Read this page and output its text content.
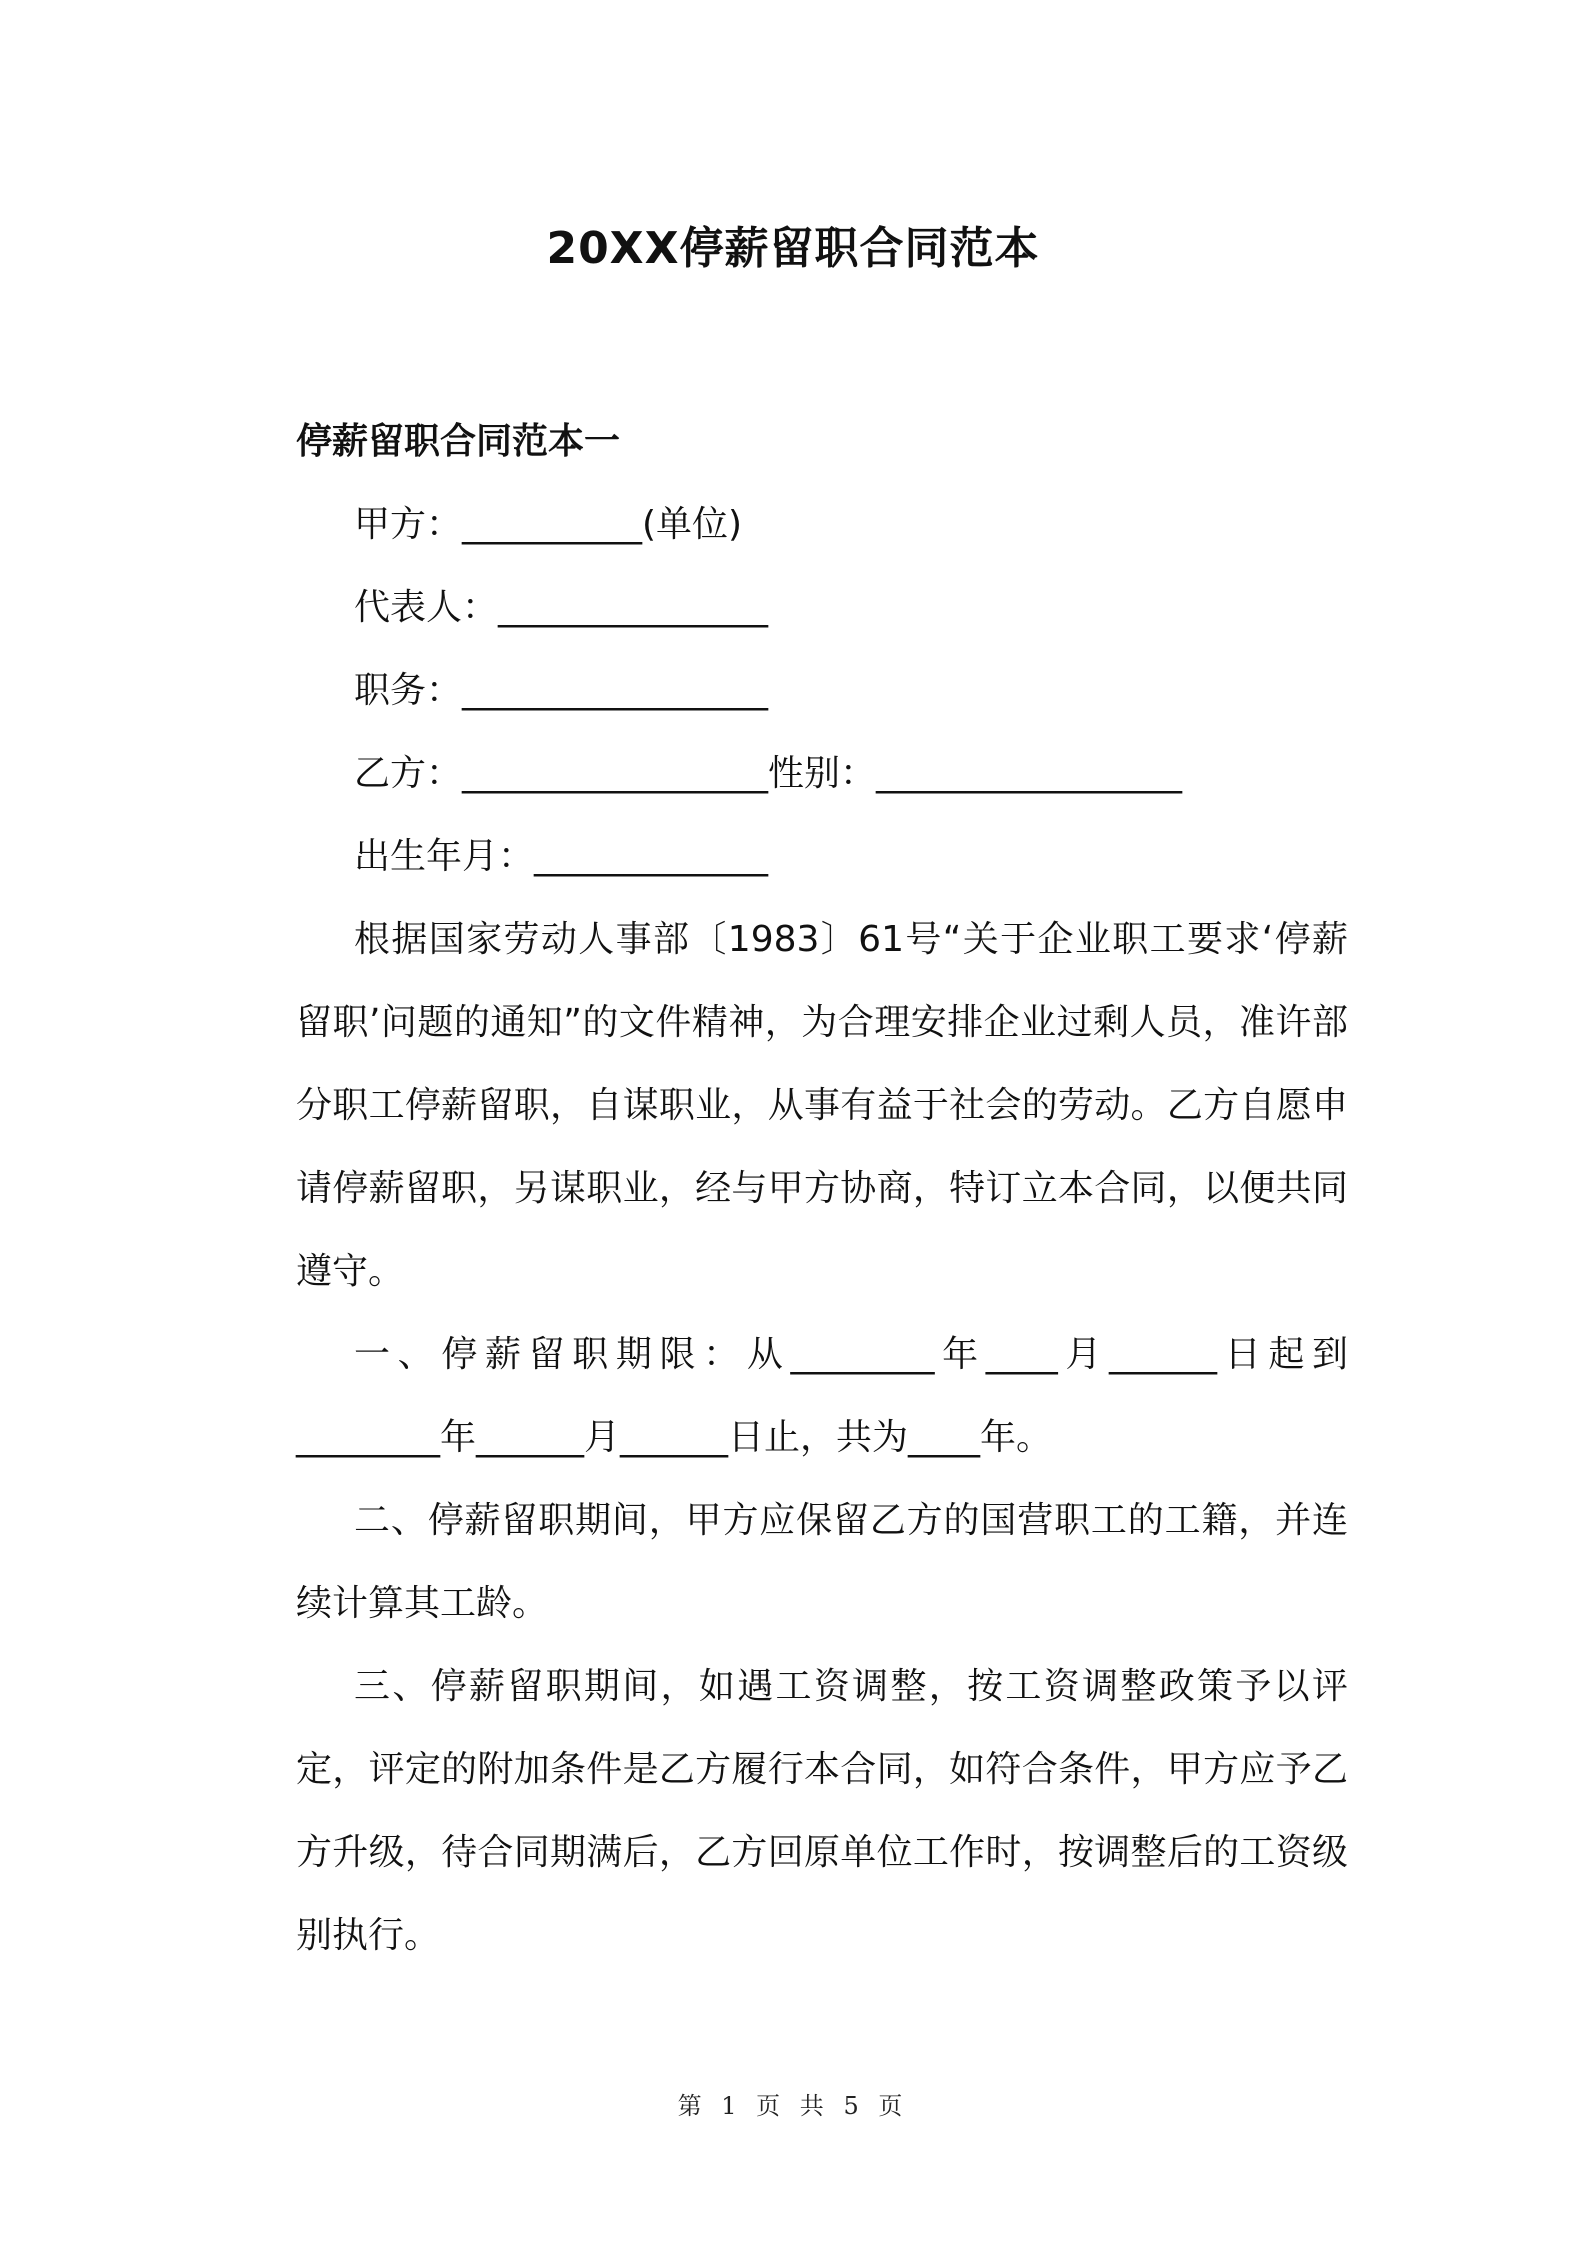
20XX停薪留职合同范本
停薪留职合同范本一
甲方：__________(单位)
代表人：_______________
职务：_________________
乙方：_________________性别：_________________
出生年月：_____________

根据国家劳动人事部〔1983〕61号“关于企业职工要求‘停薪留职’问题的通知”的文件精神，为合理安排企业过剩人员，准许部分职工停薪留职，自谋职业，从事有益于社会的劳动。乙方自愿申请停薪留职，另谋职业，经与甲方协商，特订立本合同，以便共同遵守。

一、停薪留职期限：从________年____月______日起到________年______月______日止，共为____年。

二、停薪留职期间，甲方应保留乙方的国营职工的工籍，并连续计算其工龄。

三、停薪留职期间，如遇工资调整，按工资调整政策予以评定，评定的附加条件是乙方履行本合同，如符合条件，甲方应予乙方升级，待合同期满后，乙方回原单位工作时，按调整后的工资级别执行。

第 1 页 共 5 页
